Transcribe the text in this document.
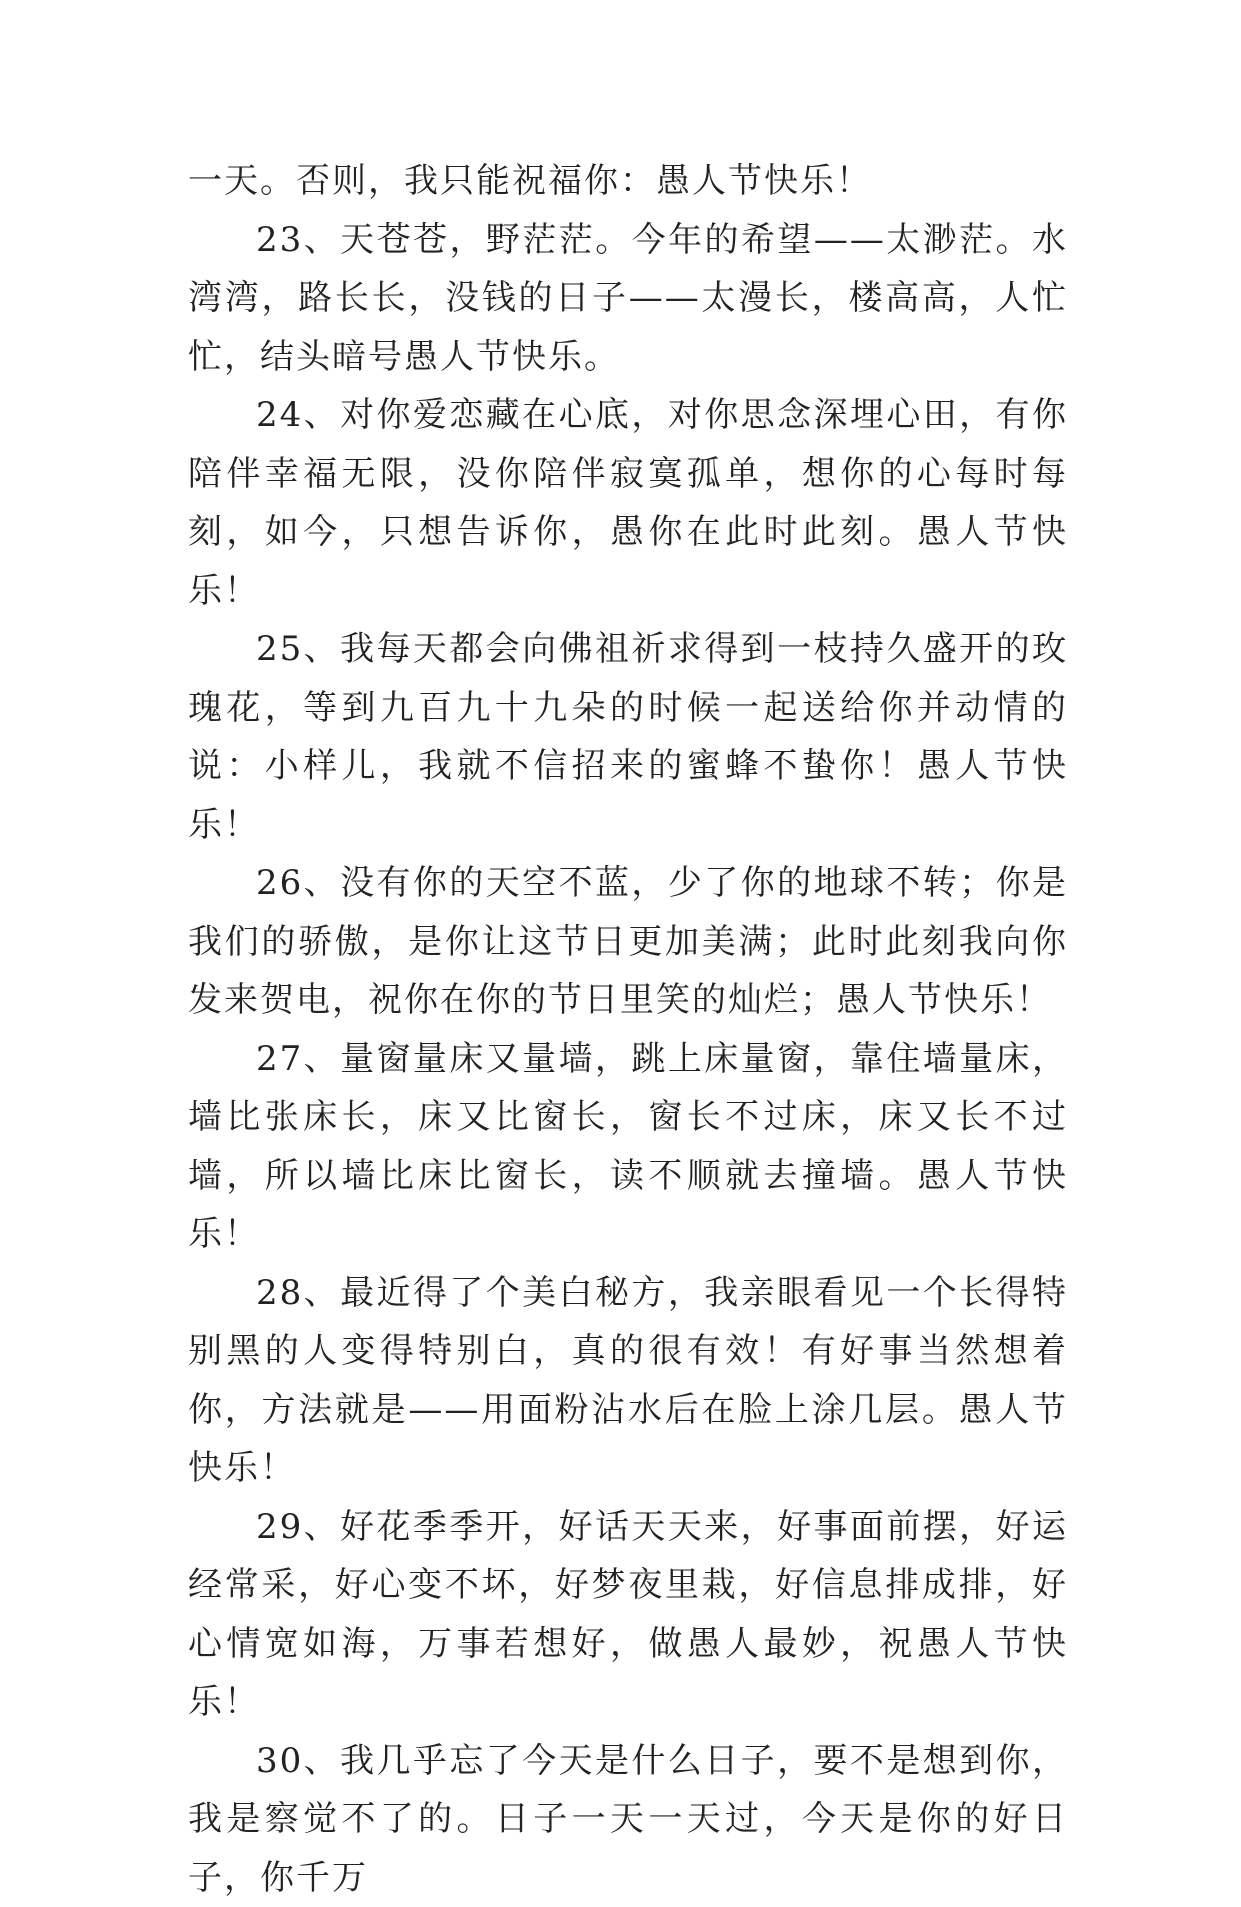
一天。否则，我只能祝福你：愚人节快乐！

23、天苍苍，野茫茫。今年的希望——太渺茫。水湾湾，路长长，没钱的日子——太漫长，楼高高，人忙忙，结头暗号愚人节快乐。

24、对你爱恋藏在心底，对你思念深埋心田，有你陪伴幸福无限，没你陪伴寂寞孤单，想你的心每时每刻，如今，只想告诉你，愚你在此时此刻。愚人节快乐！

25、我每天都会向佛祖祈求得到一枝持久盛开的玫瑰花，等到九百九十九朵的时候一起送给你并动情的说：小样儿，我就不信招来的蜜蜂不蛰你！愚人节快乐！

26、没有你的天空不蓝，少了你的地球不转；你是我们的骄傲，是你让这节日更加美满；此时此刻我向你发来贺电，祝你在你的节日里笑的灿烂；愚人节快乐！

27、量窗量床又量墙，跳上床量窗，靠住墙量床，墙比张床长，床又比窗长，窗长不过床，床又长不过墙，所以墙比床比窗长，读不顺就去撞墙。愚人节快乐！

28、最近得了个美白秘方，我亲眼看见一个长得特别黑的人变得特别白，真的很有效！有好事当然想着你，方法就是——用面粉沾水后在脸上涂几层。愚人节快乐！

29、好花季季开，好话天天来，好事面前摆，好运经常采，好心变不坏，好梦夜里栽，好信息排成排，好心情宽如海，万事若想好，做愚人最妙，祝愚人节快乐！

30、我几乎忘了今天是什么日子，要不是想到你，我是察觉不了的。日子一天一天过，今天是你的好日子，你千万
